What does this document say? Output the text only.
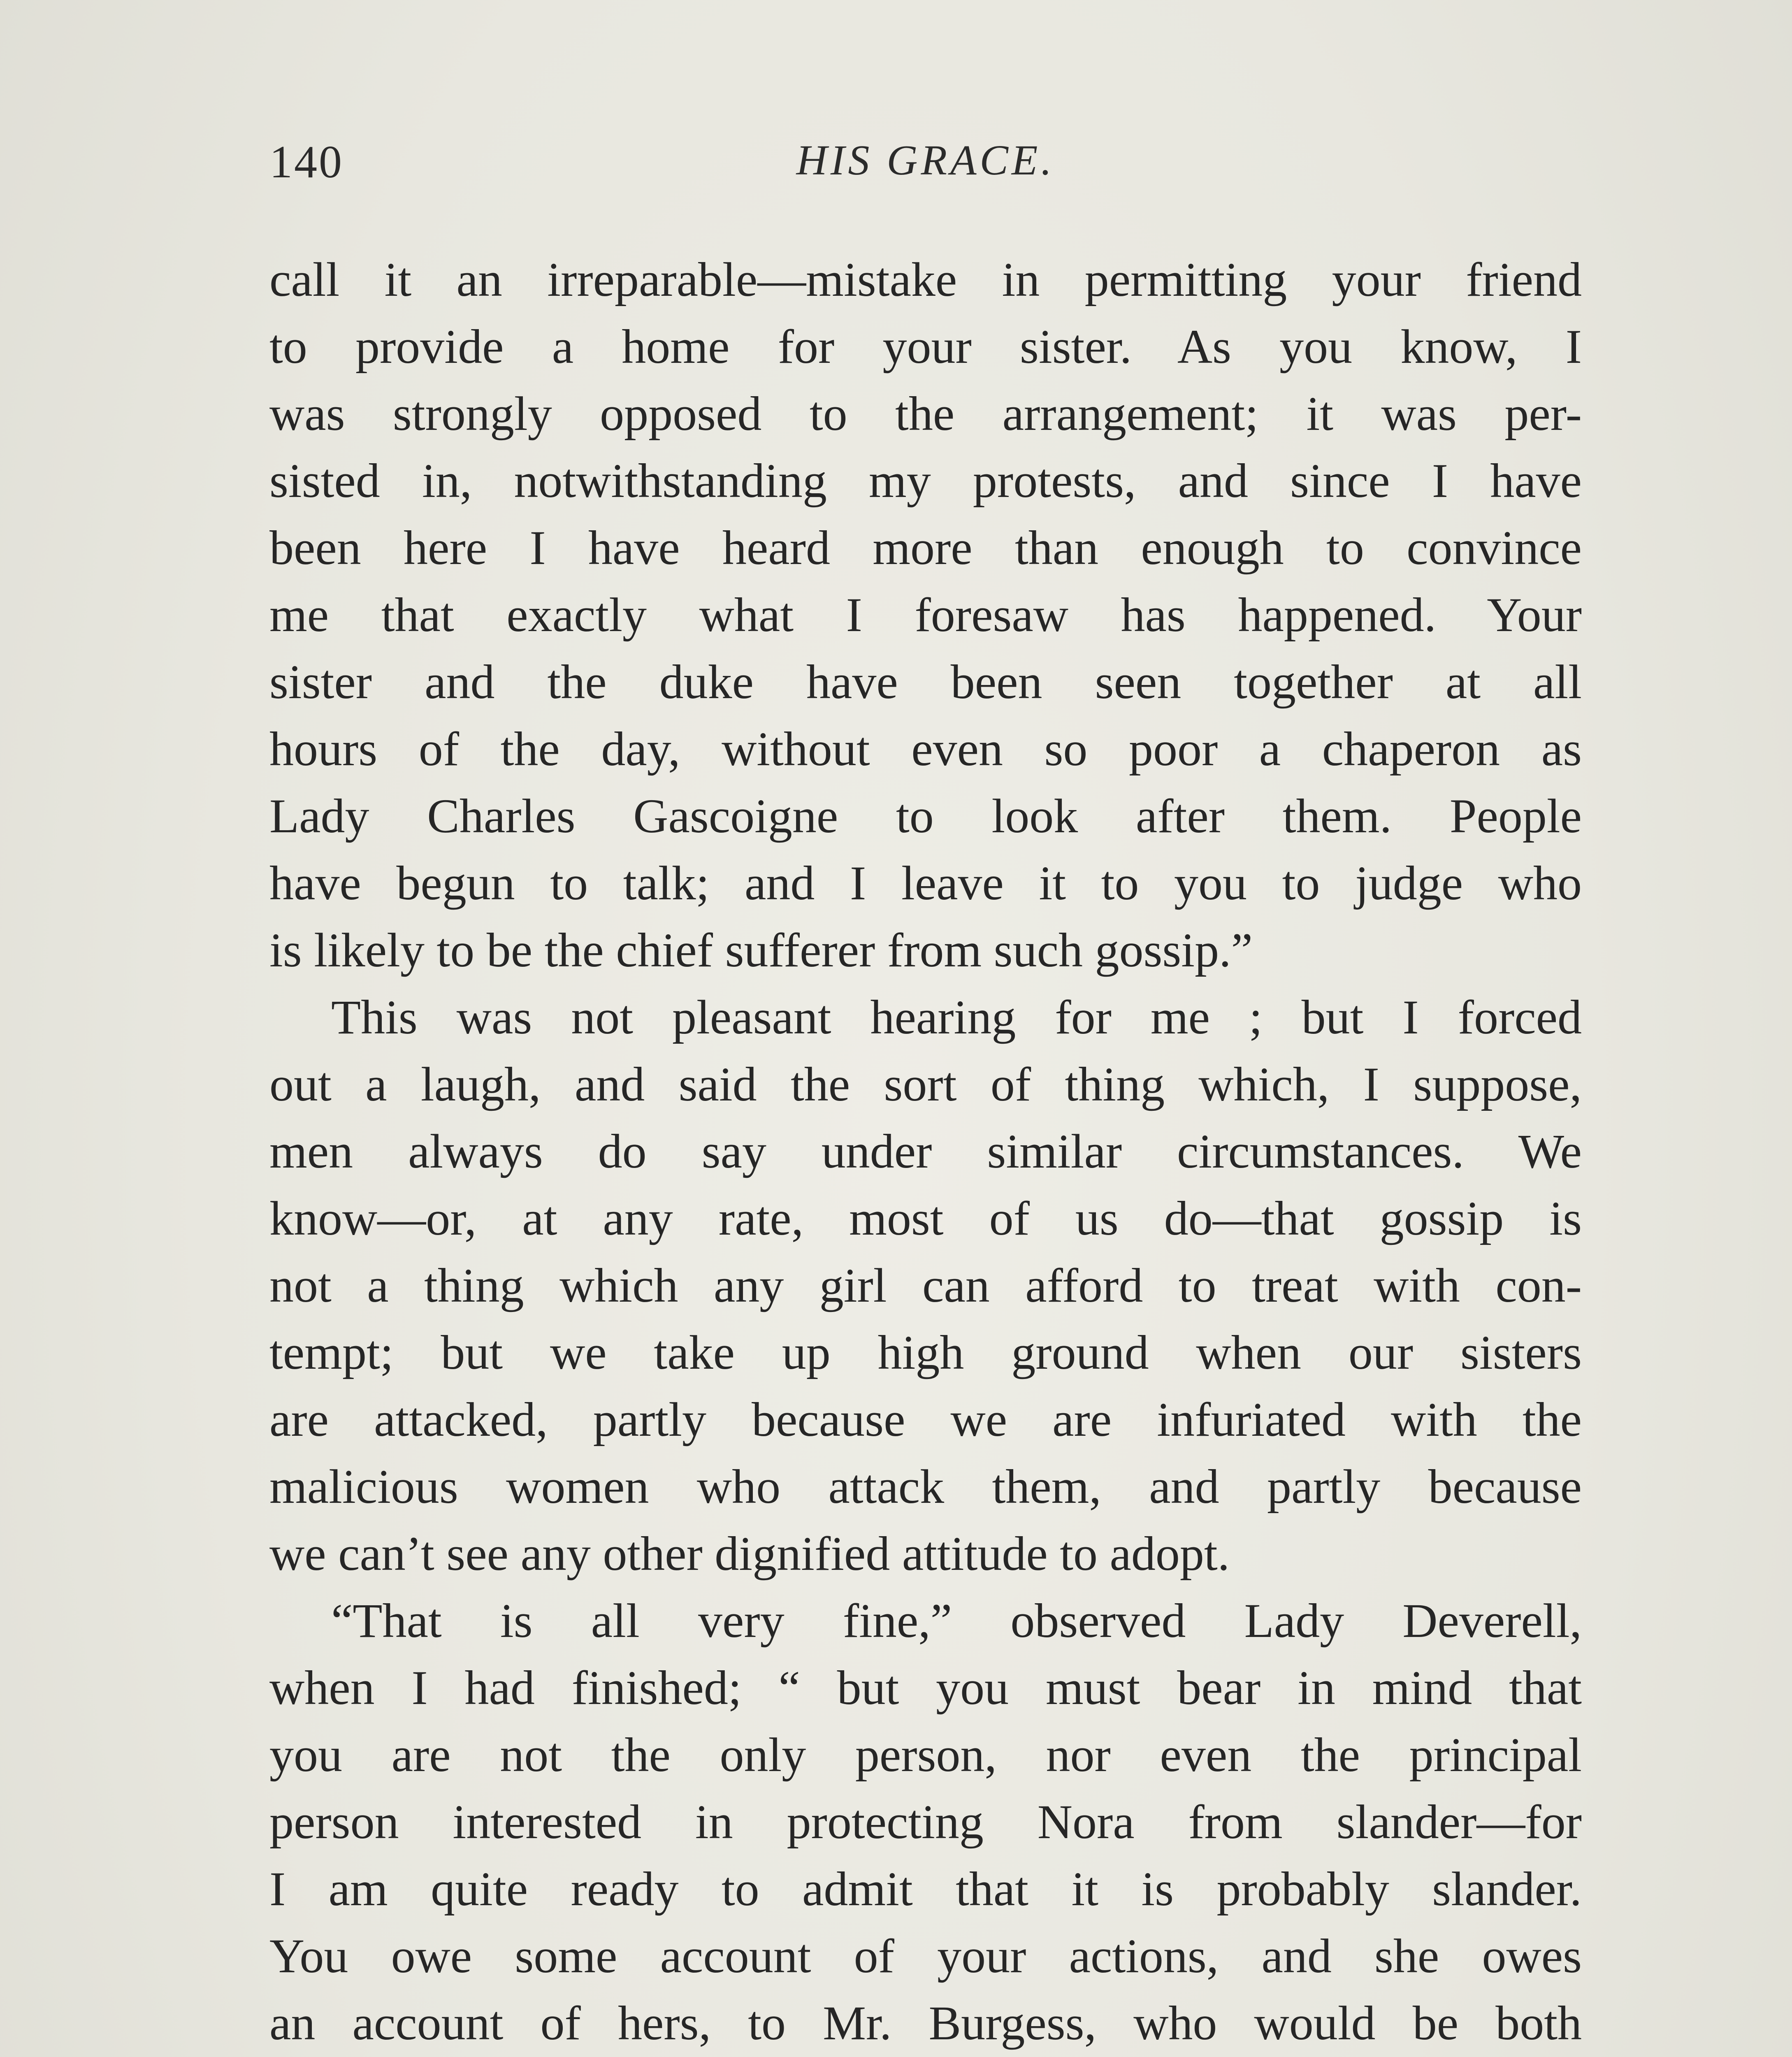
140	HIS GRACE.
call it an irreparable—mistake in permitting your friend
to provide a home for your sister. As you know, I
was strongly opposed to the arrangement; it was per-
sisted in, notwithstanding my protests, and since I have
been here I have heard more than enough to convince
me that exactly what I foresaw has happened. Your
sister and the duke have been seen together at all
hours of the day, without even so poor a chaperon as
Lady Charles Gascoigne to look after them. People
have begun to talk; and I leave it to you to judge who
is likely to be the chief sufferer from such gossip.”
This was not pleasant hearing for me ; but I forced
out a laugh, and said the sort of thing which, I suppose,
men always do say under similar circumstances. We
know—or, at any rate, most of us do—that gossip is
not a thing which any girl can afford to treat with con-
tempt; but we take up high ground when our sisters
are attacked, partly because we are infuriated with the
malicious women who attack them, and partly because
we can’t see any other dignified attitude to adopt.
“That is all very fine,” observed Lady Deverell,
when I had finished; “ but you must bear in mind that
you are not the only person, nor even the principal
person interested in protecting Nora from slander—for
I am quite ready to admit that it is probably slander.
You owe some account of your actions, and she owes
an account of hers, to Mr. Burgess, who would be both
